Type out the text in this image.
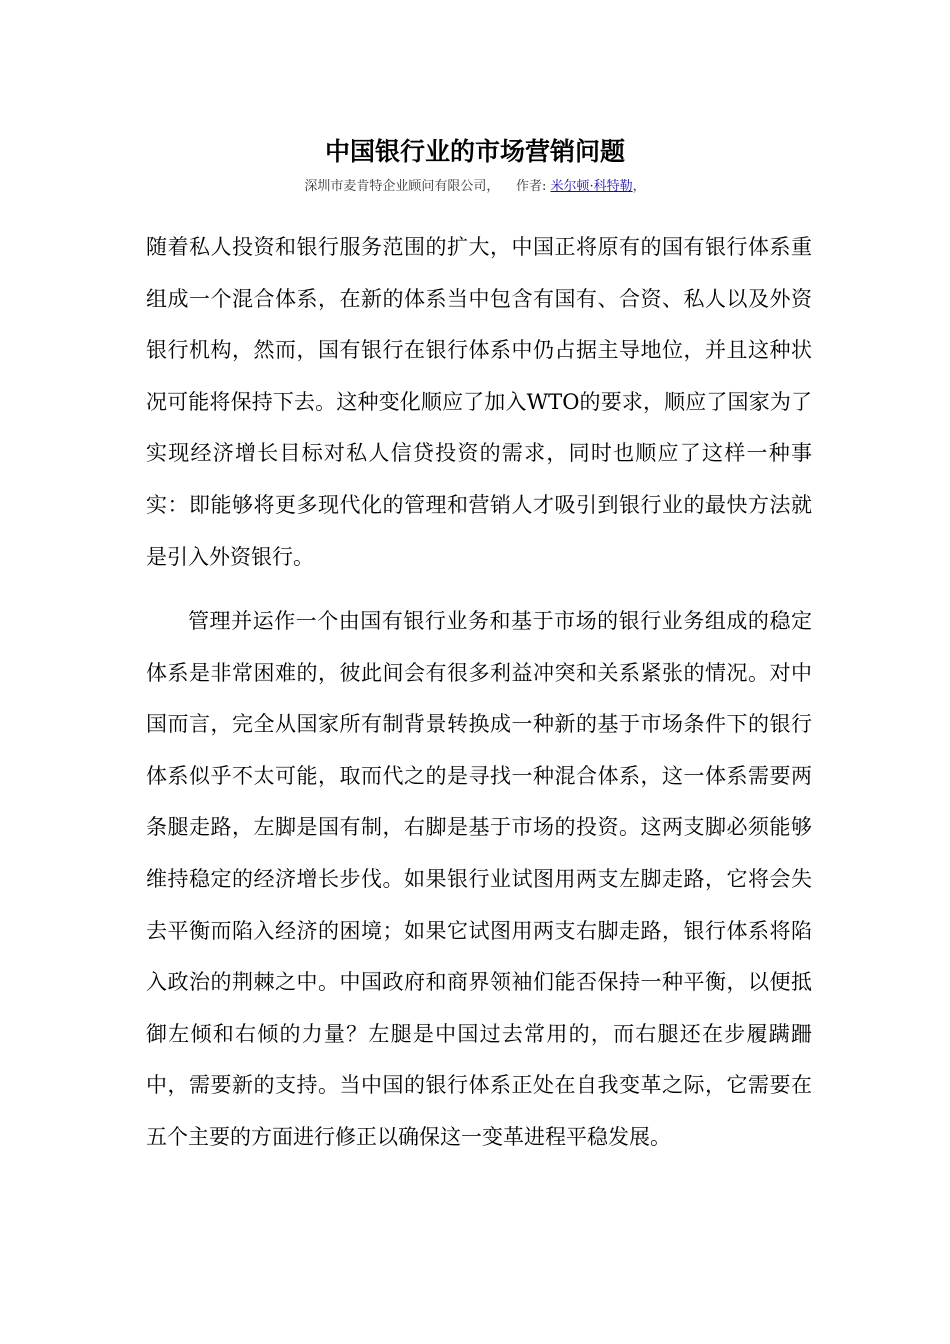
中国银行业的市场营销问题
深圳市麦肯特企业顾问有限公司， 作者: 米尔顿·科特勒，

随着私人投资和银行服务范围的扩大，中国正将原有的国有银行体系重组成一个混合体系，在新的体系当中包含有国有、合资、私人以及外资银行机构，然而，国有银行在银行体系中仍占据主导地位，并且这种状况可能将保持下去。这种变化顺应了加入WTO的要求，顺应了国家为了实现经济增长目标对私人信贷投资的需求，同时也顺应了这样一种事实：即能够将更多现代化的管理和营销人才吸引到银行业的最快方法就是引入外资银行。

管理并运作一个由国有银行业务和基于市场的银行业务组成的稳定体系是非常困难的，彼此间会有很多利益冲突和关系紧张的情况。对中国而言，完全从国家所有制背景转换成一种新的基于市场条件下的银行体系似乎不太可能，取而代之的是寻找一种混合体系，这一体系需要两条腿走路，左脚是国有制，右脚是基于市场的投资。这两支脚必须能够维持稳定的经济增长步伐。如果银行业试图用两支左脚走路，它将会失去平衡而陷入经济的困境；如果它试图用两支右脚走路，银行体系将陷入政治的荆棘之中。中国政府和商界领袖们能否保持一种平衡，以便抵御左倾和右倾的力量？左腿是中国过去常用的，而右腿还在步履蹒跚中，需要新的支持。当中国的银行体系正处在自我变革之际，它需要在五个主要的方面进行修正以确保这一变革进程平稳发展。
